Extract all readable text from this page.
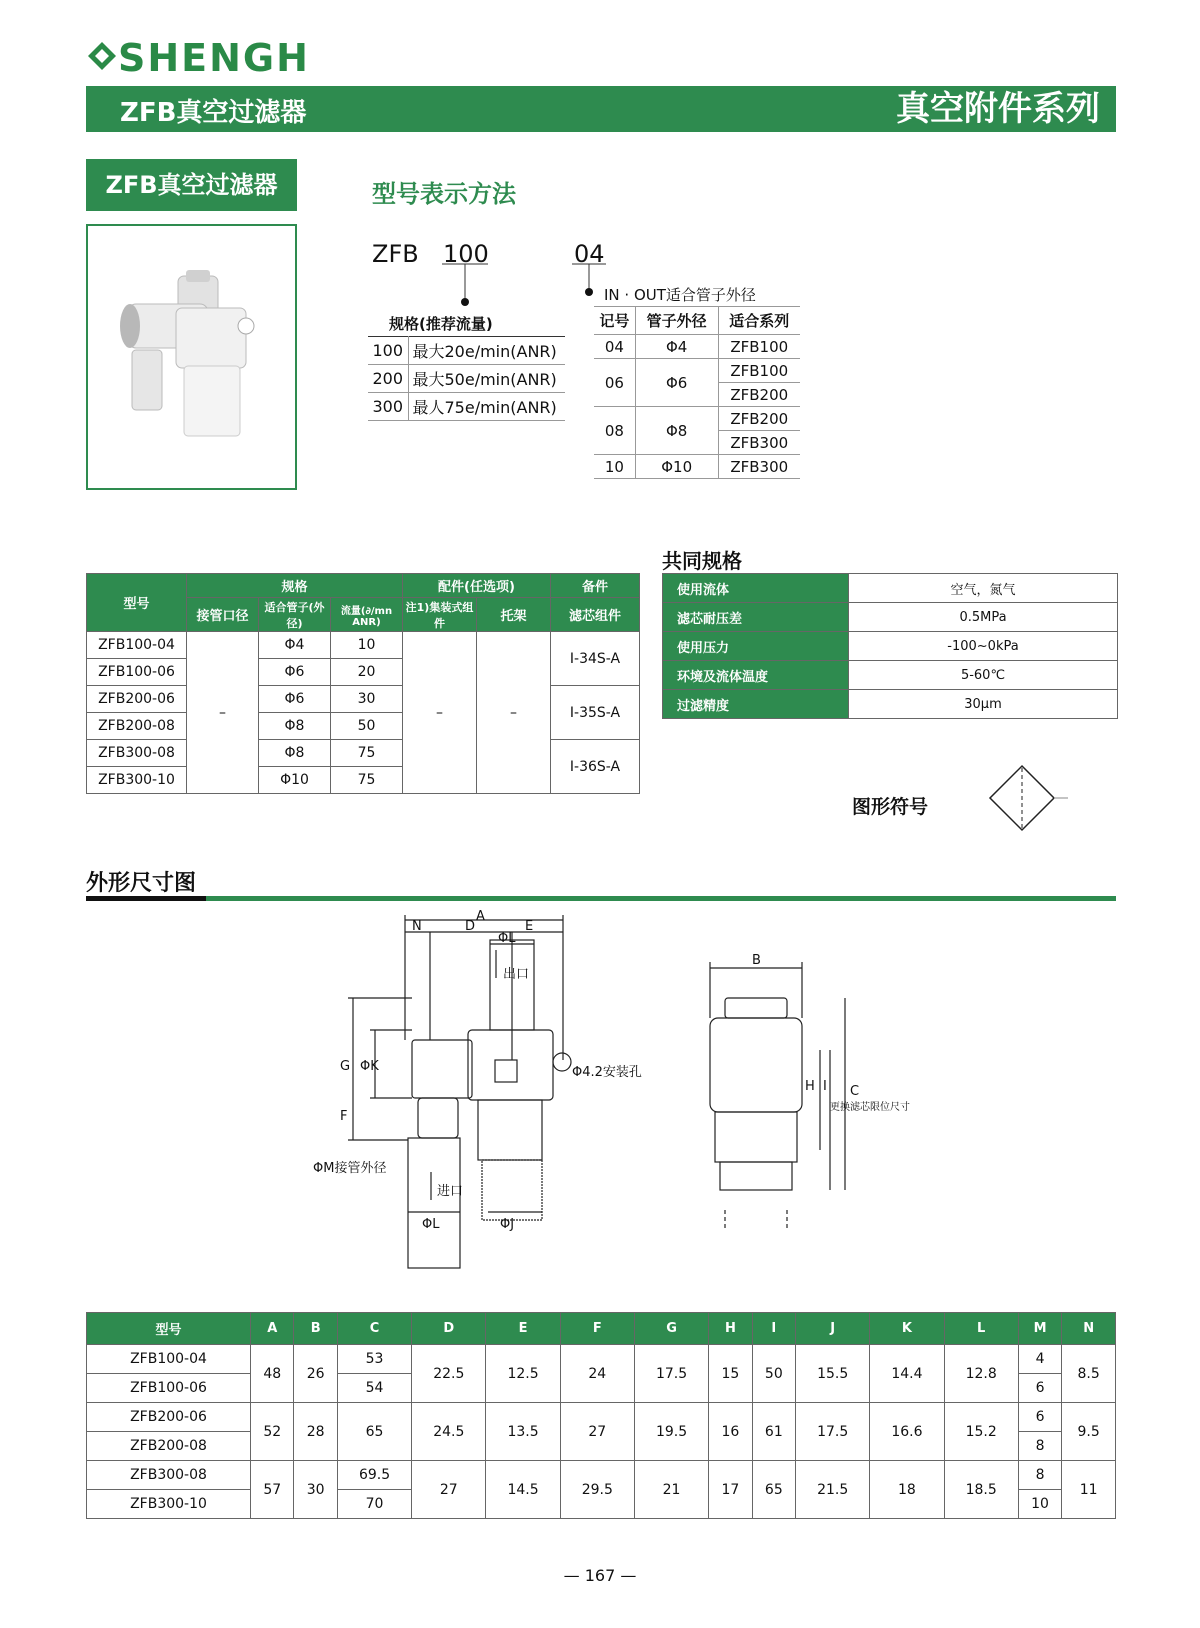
SHENGH
ZFB真空过滤器	真空附件系列
ZFB真空过滤器	型号表示方法
ZFB 100	04
规格(推荐流量)
100	最大20e/min(ANR)
200	最大50e/min(ANR)
300	最人75e/min(ANR)
IN · OUT适合管子外径
记号	管子外径	适合系列
04	Φ4	ZFB100
06	Φ6	ZFB100
		ZFB200
08	Φ8	ZFB200
		ZFB300
10	Φ10	ZFB300
型号	规格			配件(任选项)		备件
	接管口径	适合管子(外径)	流量(∂/mn ANR)	注1)集装式组件	托架	滤芯组件
ZFB100-04	–	Φ4	10	–	–	I-34S-A
ZFB100-06		Φ6	20			
ZFB200-06		Φ6	30			I-35S-A
ZFB200-08		Φ8	50			
ZFB300-08		Φ8	75			I-36S-A
ZFB300-10		Φ10	75			
共同规格
使用流体	空气，氮气
滤芯耐压差	0.5MPa
使用压力	-100~0kPa
环境及流体温度	5-60℃
过滤精度	30μm
图形符号
外形尺寸图
A
N	D	E
ΦL
G ΦK
F
出口
进口
Φ4.2安装孔
ΦM接管外径
ΦL	ΦJ
B
H I C
更换滤芯限位尺寸
型号	A	B	C	D	E	F	G	H	I	J	K	L	M	N
ZFB100-04	48	26	53	22.5	12.5	24	17.5	15	50	15.5	14.4	12.8	4	8.5
ZFB100-06			54										6	
ZFB200-06	52	28	65	24.5	13.5	27	19.5	16	61	17.5	16.6	15.2	6	9.5
ZFB200-08													8	
ZFB300-08	57	30	69.5	27	14.5	29.5	21	17	65	21.5	18	18.5	8	11
ZFB300-10			70										10	
— 167 —
